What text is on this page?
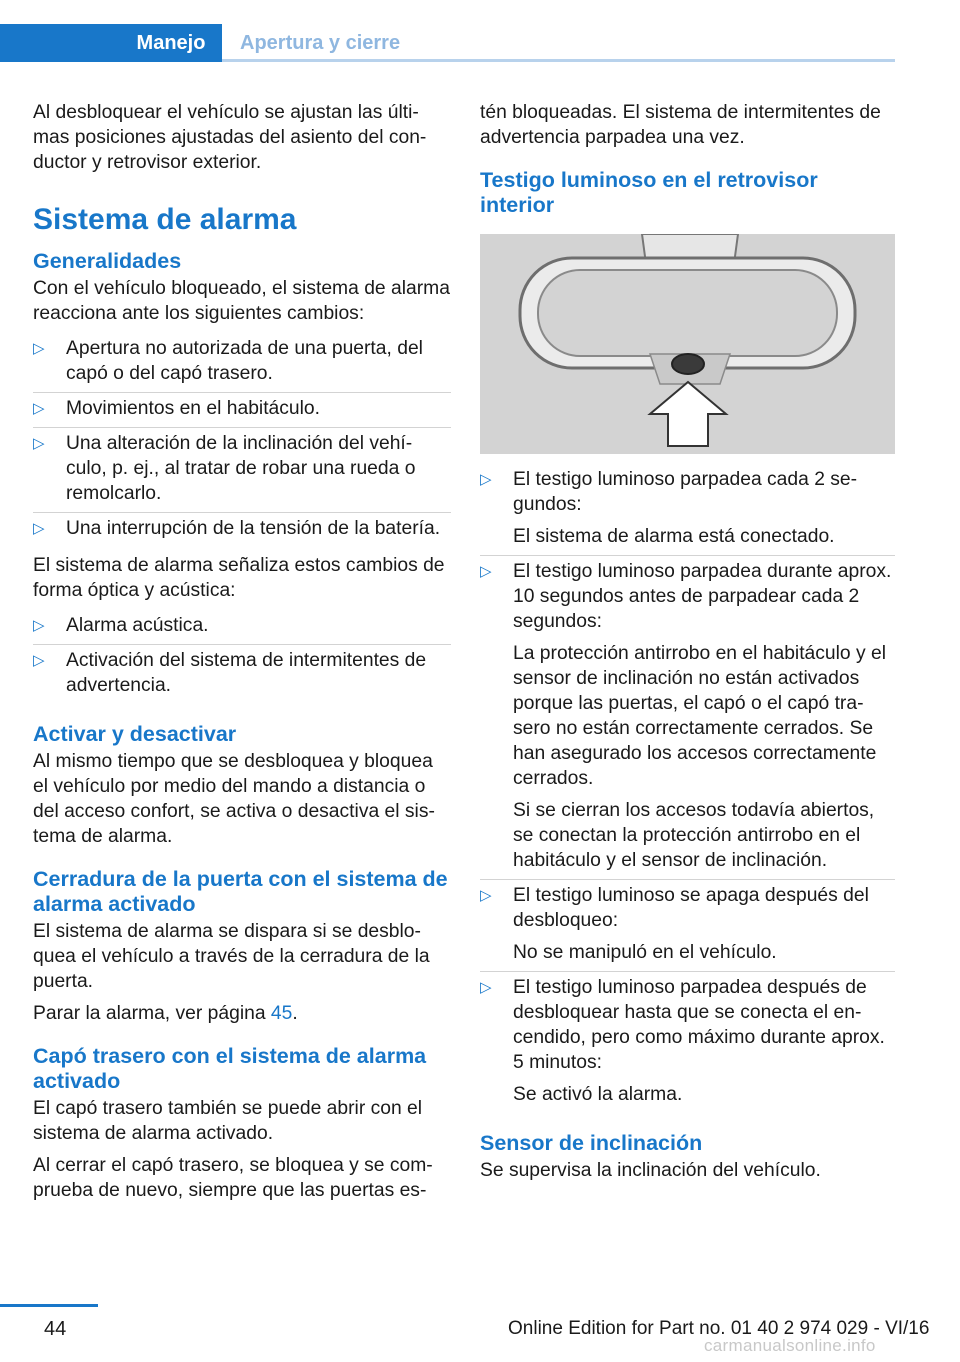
Manejo	Apertura y cierre

Al desbloquear el vehículo se ajustan las últi‐mas posiciones ajustadas del asiento del con‐ductor y retrovisor exterior.

Sistema de alarma
Generalidades

Con el vehículo bloqueado, el sistema de alarma reacciona ante los siguientes cambios:

▷ Apertura no autorizada de una puerta, del capó o del capó trasero.
▷ Movimientos en el habitáculo.
▷ Una alteración de la inclinación del vehí‐culo, p. ej., al tratar de robar una rueda o remolcarlo.
▷ Una interrupción de la tensión de la batería.

El sistema de alarma señaliza estos cambios de forma óptica y acústica:

▷ Alarma acústica.
▷ Activación del sistema de intermitentes de advertencia.
Activar y desactivar

Al mismo tiempo que se desbloquea y bloquea el vehículo por medio del mando a distancia o del acceso confort, se activa o desactiva el sis‐tema de alarma.

Cerradura de la puerta con el sistema de alarma activado

El sistema de alarma se dispara si se desblo‐quea el vehículo a través de la cerradura de la puerta.

Parar la alarma, ver página 45.

Capó trasero con el sistema de alarma activado

El capó trasero también se puede abrir con el sistema de alarma activado.

Al cerrar el capó trasero, se bloquea y se com‐prueba de nuevo, siempre que las puertas es‐

tén bloqueadas. El sistema de intermitentes de advertencia parpadea una vez.

Testigo luminoso en el retrovisor interior
▷ El testigo luminoso parpadea cada 2 se‐gundos:
El sistema de alarma está conectado.
▷ El testigo luminoso parpadea durante aprox. 10 segundos antes de parpadear cada 2 segundos:
La protección antirrobo en el habitáculo y el sensor de inclinación no están activados porque las puertas, el capó o el capó tra‐sero no están correctamente cerrados. Se han asegurado los accesos correctamente cerrados.
Si se cierran los accesos todavía abiertos, se conectan la protección antirrobo en el habitáculo y el sensor de inclinación.
▷ El testigo luminoso se apaga después del desbloqueo:
No se manipuló en el vehículo.
▷ El testigo luminoso parpadea después de desbloquear hasta que se conecta el en‐cendido, pero como máximo durante aprox. 5 minutos:
Se activó la alarma.
Sensor de inclinación

Se supervisa la inclinación del vehículo.

44	Online Edition for Part no. 01 40 2 974 029 - VI/16
carmanualsonline.info
